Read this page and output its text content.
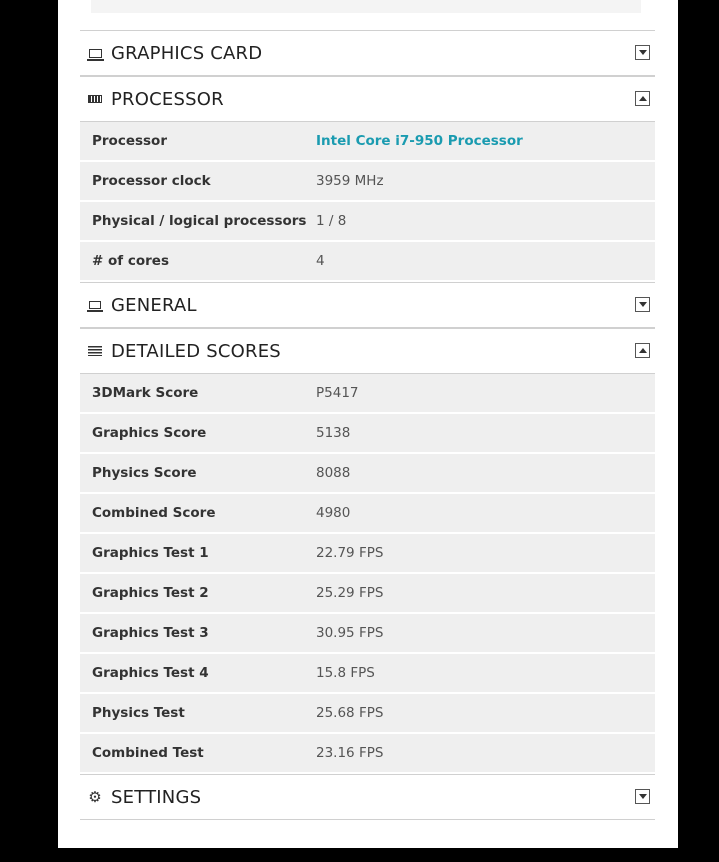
GRAPHICS CARD
PROCESSOR
Processor	Intel Core i7-950 Processor
Processor clock	3959 MHz
Physical / logical processors 1 / 8
# of cores	4
GENERAL
DETAILED SCORES
3DMark Score	P5417
Graphics Score	5138
Physics Score	8088
Combined Score	4980
Graphics Test 1	22.79 FPS
Graphics Test 2	25.29 FPS
Graphics Test 3	30.95 FPS
Graphics Test 4	15.8 FPS
Physics Test	25.68 FPS
Combined Test	23.16 FPS
⚙ SETTINGS
